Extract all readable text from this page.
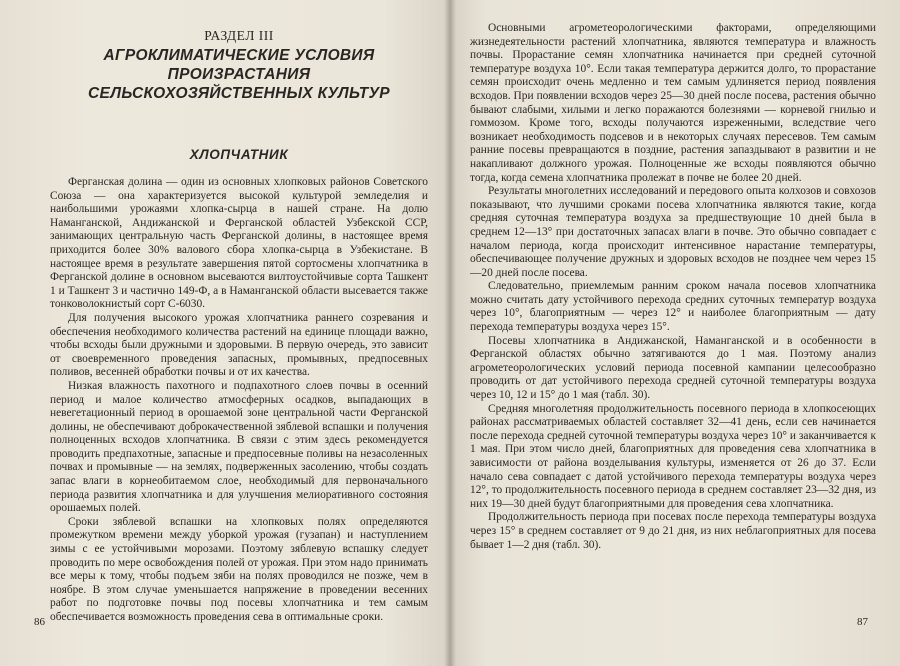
РАЗДЕЛ III
АГРОКЛИМАТИЧЕСКИЕ УСЛОВИЯ
ПРОИЗРАСТАНИЯ
СЕЛЬСКОХОЗЯЙСТВЕННЫХ КУЛЬТУР
ХЛОПЧАТНИК

Ферганская долина — один из основных хлопковых районов Советского Союза — она характеризуется высокой культурой земледелия и наибольшими урожаями хлопка-сырца в нашей стране. На долю Наманганской, Андижанской и Ферганской областей Узбекской ССР, занимающих центральную часть Ферганской долины, в настоящее время приходится более 30% валового сбора хлопка-сырца в Узбекистане. В настоящее время в результате завершения пятой сортосмены хлопчатника в Ферганской долине в основном высеваются вилтоустойчивые сорта Ташкент 1 и Ташкент 3 и частично 149-Ф, а в Наманганской области высевается также тонковолокнистый сорт С-6030.

Для получения высокого урожая хлопчатника раннего созревания и обеспечения необходимого количества растений на единице площади важно, чтобы всходы были дружными и здоровыми. В первую очередь, это зависит от своевременного проведения запасных, промывных, предпосевных поливов, весенней обработки почвы и от их качества.

Низкая влажность пахотного и подпахотного слоев почвы в осенний период и малое количество атмосферных осадков, выпадающих в невегетационный период в орошаемой зоне центральной части Ферганской долины, не обеспечивают доброкачественной зяблевой вспашки и получения полноценных всходов хлопчатника. В связи с этим здесь рекомендуется проводить предпахотные, запасные и предпосевные поливы на незасоленных почвах и промывные — на землях, подверженных засолению, чтобы создать запас влаги в корнеобитаемом слое, необходимый для первоначального периода развития хлопчатника и для улучшения мелиоративного состояния орошаемых полей.

Сроки зяблевой вспашки на хлопковых полях определяются промежутком времени между уборкой урожая (гузапан) и наступлением зимы с ее устойчивыми морозами. Поэтому зяблевую вспашку следует проводить по мере освобождения полей от урожая. При этом надо принимать все меры к тому, чтобы подъем зяби на полях проводился не позже, чем в ноябре. В этом случае уменьшается напряжение в проведении весенних работ по подготовке почвы под посевы хлопчатника и тем самым обеспечивается возможность проведения сева в оптимальные сроки.

86

Основными агрометеорологическими факторами, определяющими жизнедеятельности растений хлопчатника, являются температура и влажность почвы. Прорастание семян хлопчатника начинается при средней суточной температуре воздуха 10°. Если такая температура держится долго, то прорастание семян происходит очень медленно и тем самым удлиняется период появления всходов. При появлении всходов через 25—30 дней после посева, растения обычно бывают слабыми, хилыми и легко поражаются болезнями — корневой гнилью и гоммозом. Кроме того, всходы получаются изреженными, вследствие чего возникает необходимость подсевов и в некоторых случаях пересевов. Тем самым ранние посевы превращаются в поздние, растения запаздывают в развитии и не накапливают должного урожая. Полноценные же всходы появляются обычно тогда, когда семена хлопчатника пролежат в почве не более 20 дней.

Результаты многолетних исследований и передового опыта колхозов и совхозов показывают, что лучшими сроками посева хлопчатника являются такие, когда средняя суточная температура воздуха за предшествующие 10 дней была в среднем 12—13° при достаточных запасах влаги в почве. Это обычно совпадает с началом периода, когда происходит интенсивное нарастание температуры, обеспечивающее получение дружных и здоровых всходов не позднее чем через 15—20 дней после посева.

Следовательно, приемлемым ранним сроком начала посевов хлопчатника можно считать дату устойчивого перехода средних суточных температур воздуха через 10°, благоприятным — через 12° и наиболее благоприятным — дату перехода температуры воздуха через 15°.

Посевы хлопчатника в Андижанской, Наманганской и в особенности в Ферганской областях обычно затягиваются до 1 мая. Поэтому анализ агрометеорологических условий периода посевной кампании целесообразно проводить от дат устойчивого перехода средней суточной температуры воздуха через 10, 12 и 15° до 1 мая (табл. 30).

Средняя многолетняя продолжительность посевного периода в хлопкосеющих районах рассматриваемых областей составляет 32—41 день, если сев начинается после перехода средней суточной температуры воздуха через 10° и заканчивается к 1 мая. При этом число дней, благоприятных для проведения сева хлопчатника в зависимости от района возделывания культуры, изменяется от 26 до 37. Если начало сева совпадает с датой устойчивого перехода температуры воздуха через 12°, то продолжительность посевного периода в среднем составляет 23—32 дня, из них 19—30 дней будут благоприятными для проведения сева хлопчатника.

Продолжительность периода при посевах после перехода температуры воздуха через 15° в среднем составляет от 9 до 21 дня, из них неблагоприятных для посева бывает 1—2 дня (табл. 30).

87
